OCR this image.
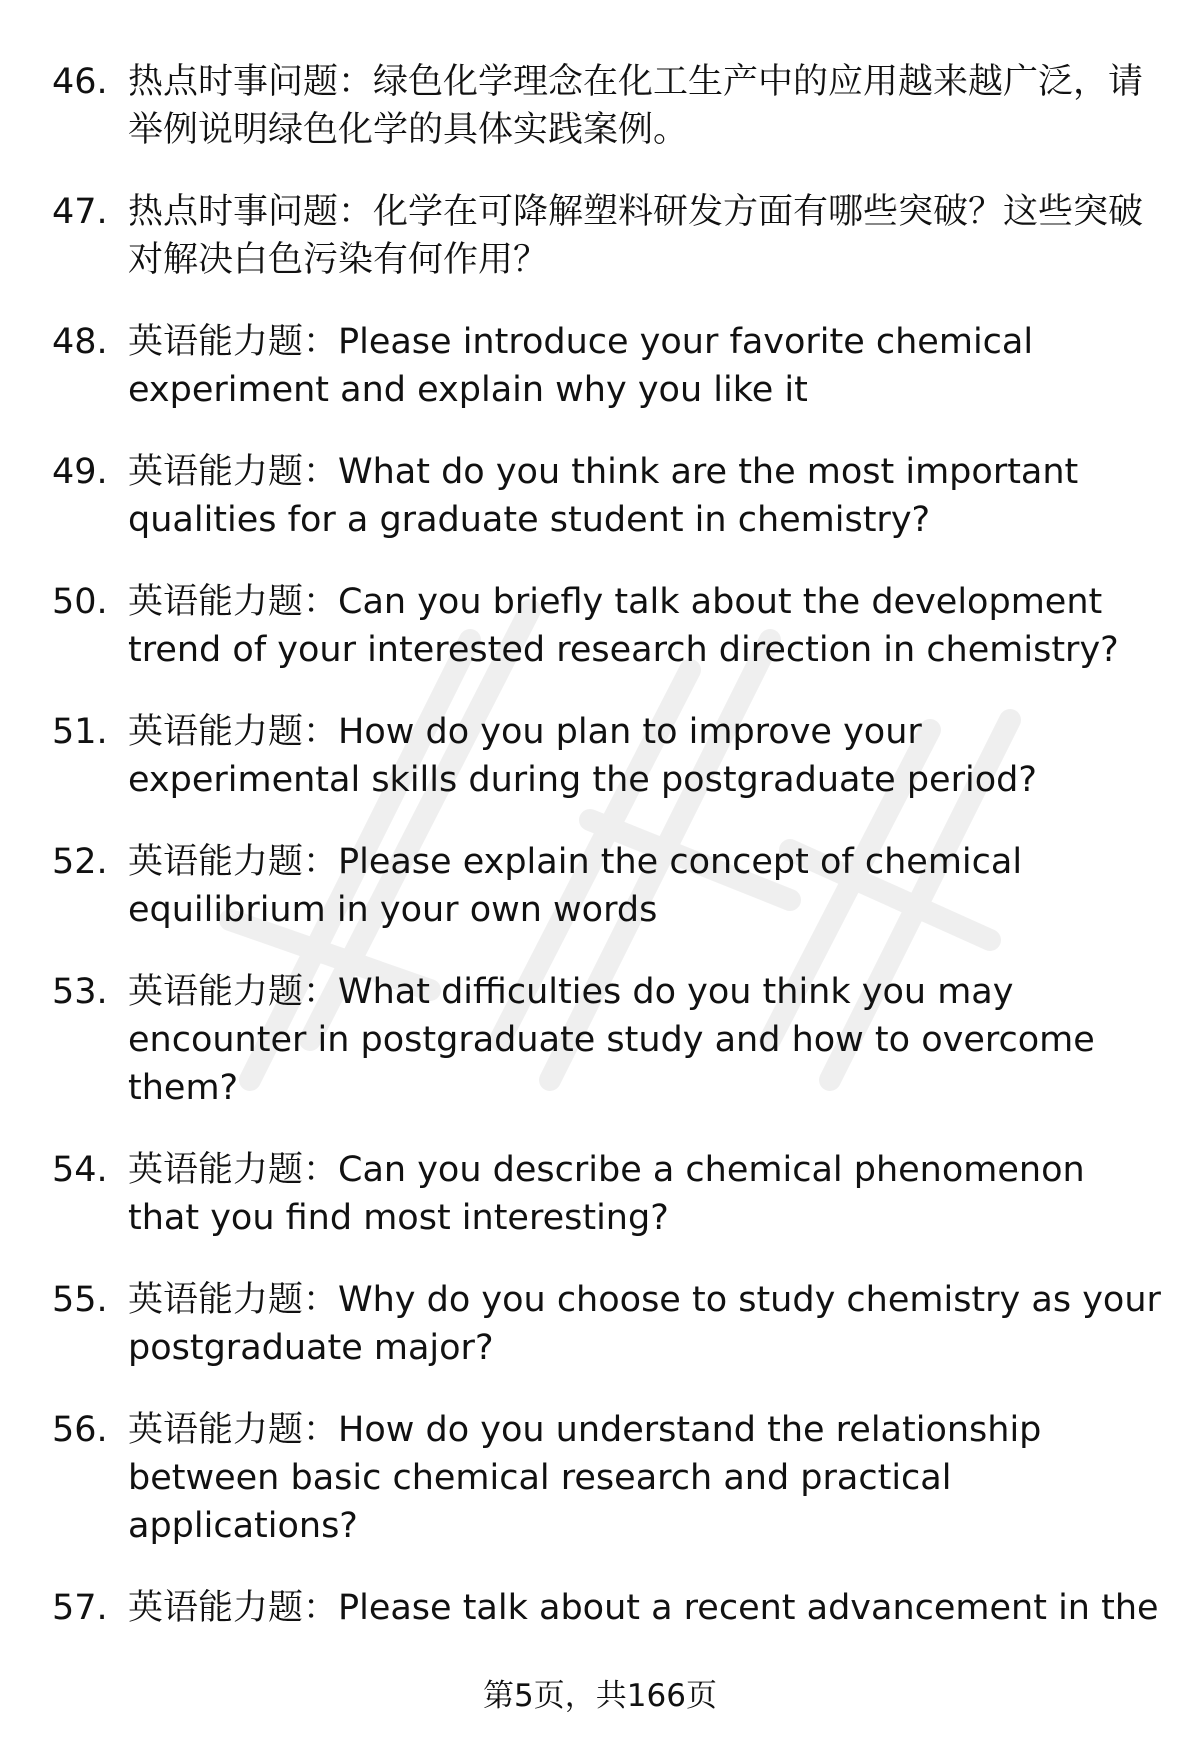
46. 热点时事问题：绿色化学理念在化工生产中的应用越来越广泛，请举例说明绿色化学的具体实践案例。
47. 热点时事问题：化学在可降解塑料研发方面有哪些突破？这些突破对解决白色污染有何作用？
48. 英语能力题：Please introduce your favorite chemical experiment and explain why you like it
49. 英语能力题：What do you think are the most important qualities for a graduate student in chemistry?
50. 英语能力题：Can you briefly talk about the development trend of your interested research direction in chemistry?
51. 英语能力题：How do you plan to improve your experimental skills during the postgraduate period?
52. 英语能力题：Please explain the concept of chemical equilibrium in your own words
53. 英语能力题：What difficulties do you think you may encounter in postgraduate study and how to overcome them?
54. 英语能力题：Can you describe a chemical phenomenon that you find most interesting?
55. 英语能力题：Why do you choose to study chemistry as your postgraduate major?
56. 英语能力题：How do you understand the relationship between basic chemical research and practical applications?
57. 英语能力题：Please talk about a recent advancement in the
第5页，共166页
